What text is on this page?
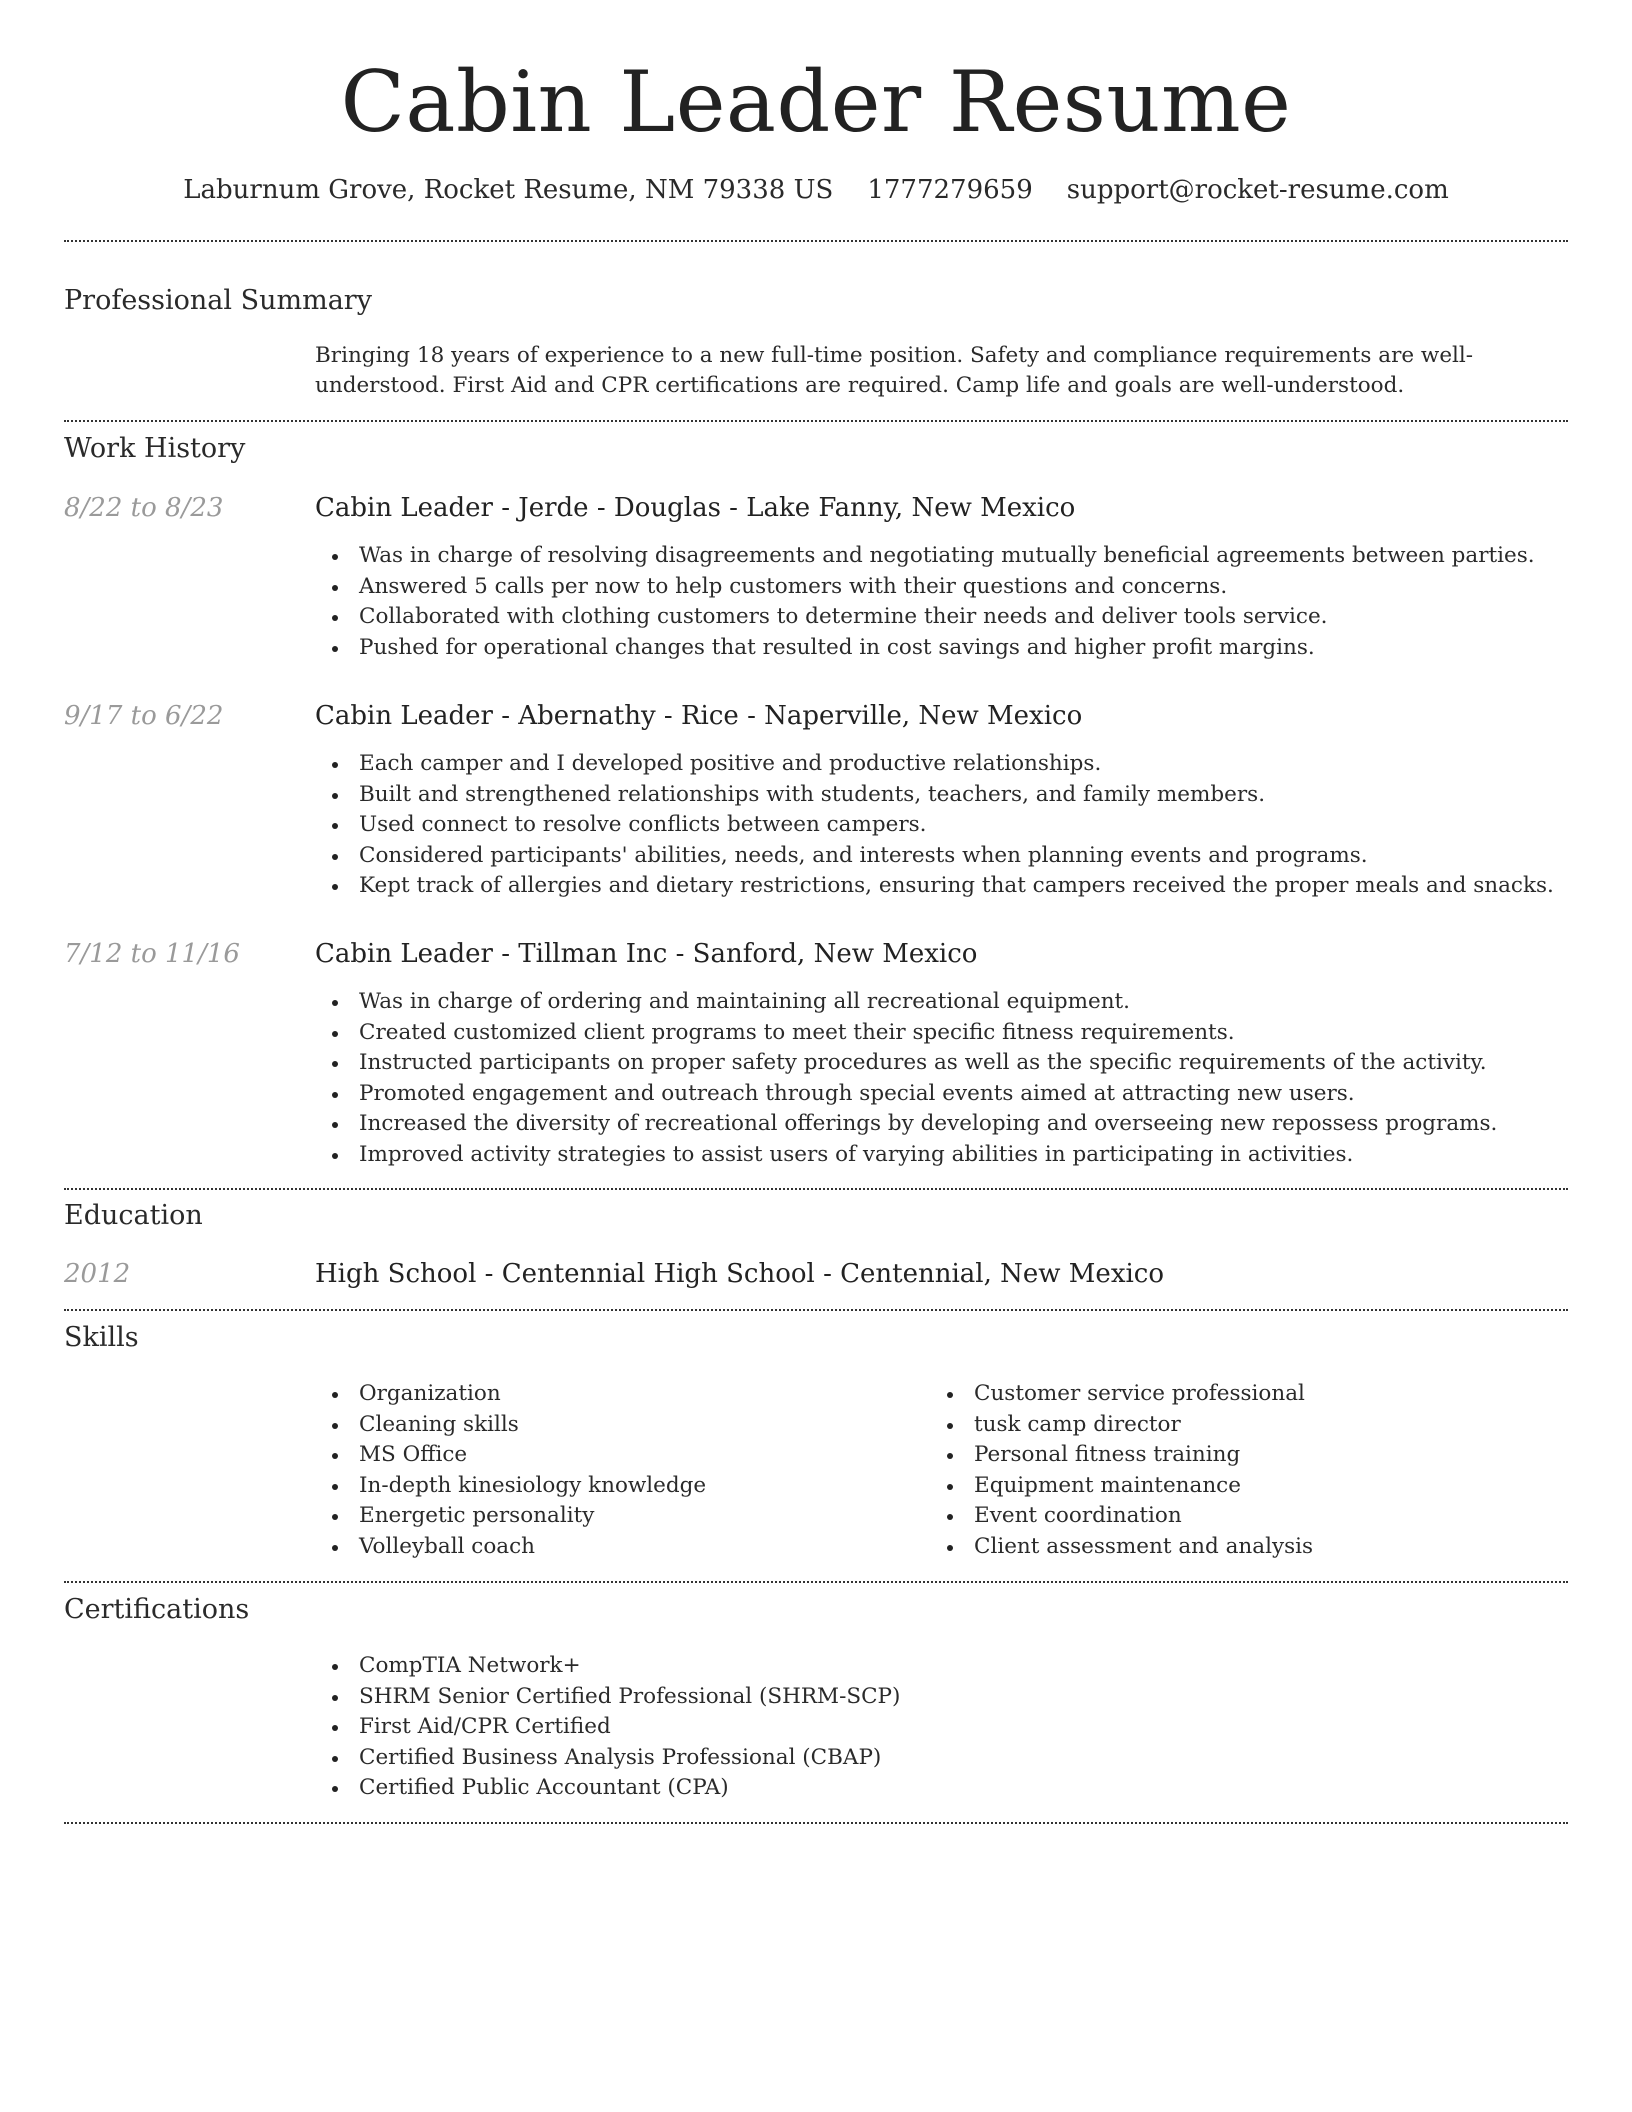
Cabin Leader Resume
Laburnum Grove, Rocket Resume, NM 79338 US 1777279659 support@rocket-resume.com
Professional Summary
Bringing 18 years of experience to a new full-time position. Safety and compliance requirements are well-understood. First Aid and CPR certifications are required. Camp life and goals are well-understood.
Work History
8/22 to 8/23	Cabin Leader - Jerde - Douglas - Lake Fanny, New Mexico
Was in charge of resolving disagreements and negotiating mutually beneficial agreements between parties.
Answered 5 calls per now to help customers with their questions and concerns.
Collaborated with clothing customers to determine their needs and deliver tools service.
Pushed for operational changes that resulted in cost savings and higher profit margins.
9/17 to 6/22	Cabin Leader - Abernathy - Rice - Naperville, New Mexico
Each camper and I developed positive and productive relationships.
Built and strengthened relationships with students, teachers, and family members.
Used connect to resolve conflicts between campers.
Considered participants' abilities, needs, and interests when planning events and programs.
Kept track of allergies and dietary restrictions, ensuring that campers received the proper meals and snacks.
7/12 to 11/16	Cabin Leader - Tillman Inc - Sanford, New Mexico
Was in charge of ordering and maintaining all recreational equipment.
Created customized client programs to meet their specific fitness requirements.
Instructed participants on proper safety procedures as well as the specific requirements of the activity.
Promoted engagement and outreach through special events aimed at attracting new users.
Increased the diversity of recreational offerings by developing and overseeing new repossess programs.
Improved activity strategies to assist users of varying abilities in participating in activities.
Education
2012	High School - Centennial High School - Centennial, New Mexico
Skills
Organization
Cleaning skills
MS Office
In-depth kinesiology knowledge
Energetic personality
Volleyball coach
Customer service professional
tusk camp director
Personal fitness training
Equipment maintenance
Event coordination
Client assessment and analysis
Certifications
CompTIA Network+
SHRM Senior Certified Professional (SHRM-SCP)
First Aid/CPR Certified
Certified Business Analysis Professional (CBAP)
Certified Public Accountant (CPA)
